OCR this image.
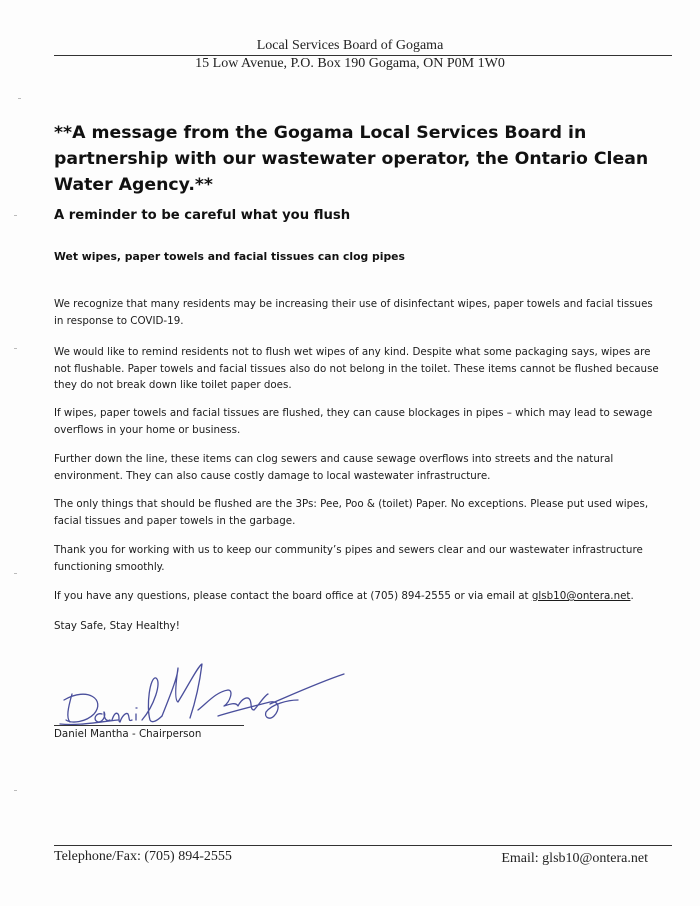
Local Services Board of Gogama
15 Low Avenue, P.O. Box 190 Gogama, ON P0M 1W0
**A message from the Gogama Local Services Board in partnership with our wastewater operator, the Ontario Clean Water Agency.**
A reminder to be careful what you flush
Wet wipes, paper towels and facial tissues can clog pipes

We recognize that many residents may be increasing their use of disinfectant wipes, paper towels and facial tissues in response to COVID-19.

We would like to remind residents not to flush wet wipes of any kind. Despite what some packaging says, wipes are not flushable. Paper towels and facial tissues also do not belong in the toilet. These items cannot be flushed because they do not break down like toilet paper does.

If wipes, paper towels and facial tissues are flushed, they can cause blockages in pipes – which may lead to sewage overflows in your home or business.

Further down the line, these items can clog sewers and cause sewage overflows into streets and the natural environment. They can also cause costly damage to local wastewater infrastructure.

The only things that should be flushed are the 3Ps: Pee, Poo & (toilet) Paper. No exceptions. Please put used wipes, facial tissues and paper towels in the garbage.

Thank you for working with us to keep our community’s pipes and sewers clear and our wastewater infrastructure functioning smoothly.

If you have any questions, please contact the board office at (705) 894-2555 or via email at glsb10@ontera.net.

Stay Safe, Stay Healthy!

Daniel Mantha - Chairperson
Telephone/Fax: (705) 894-2555	Email: glsb10@ontera.net
